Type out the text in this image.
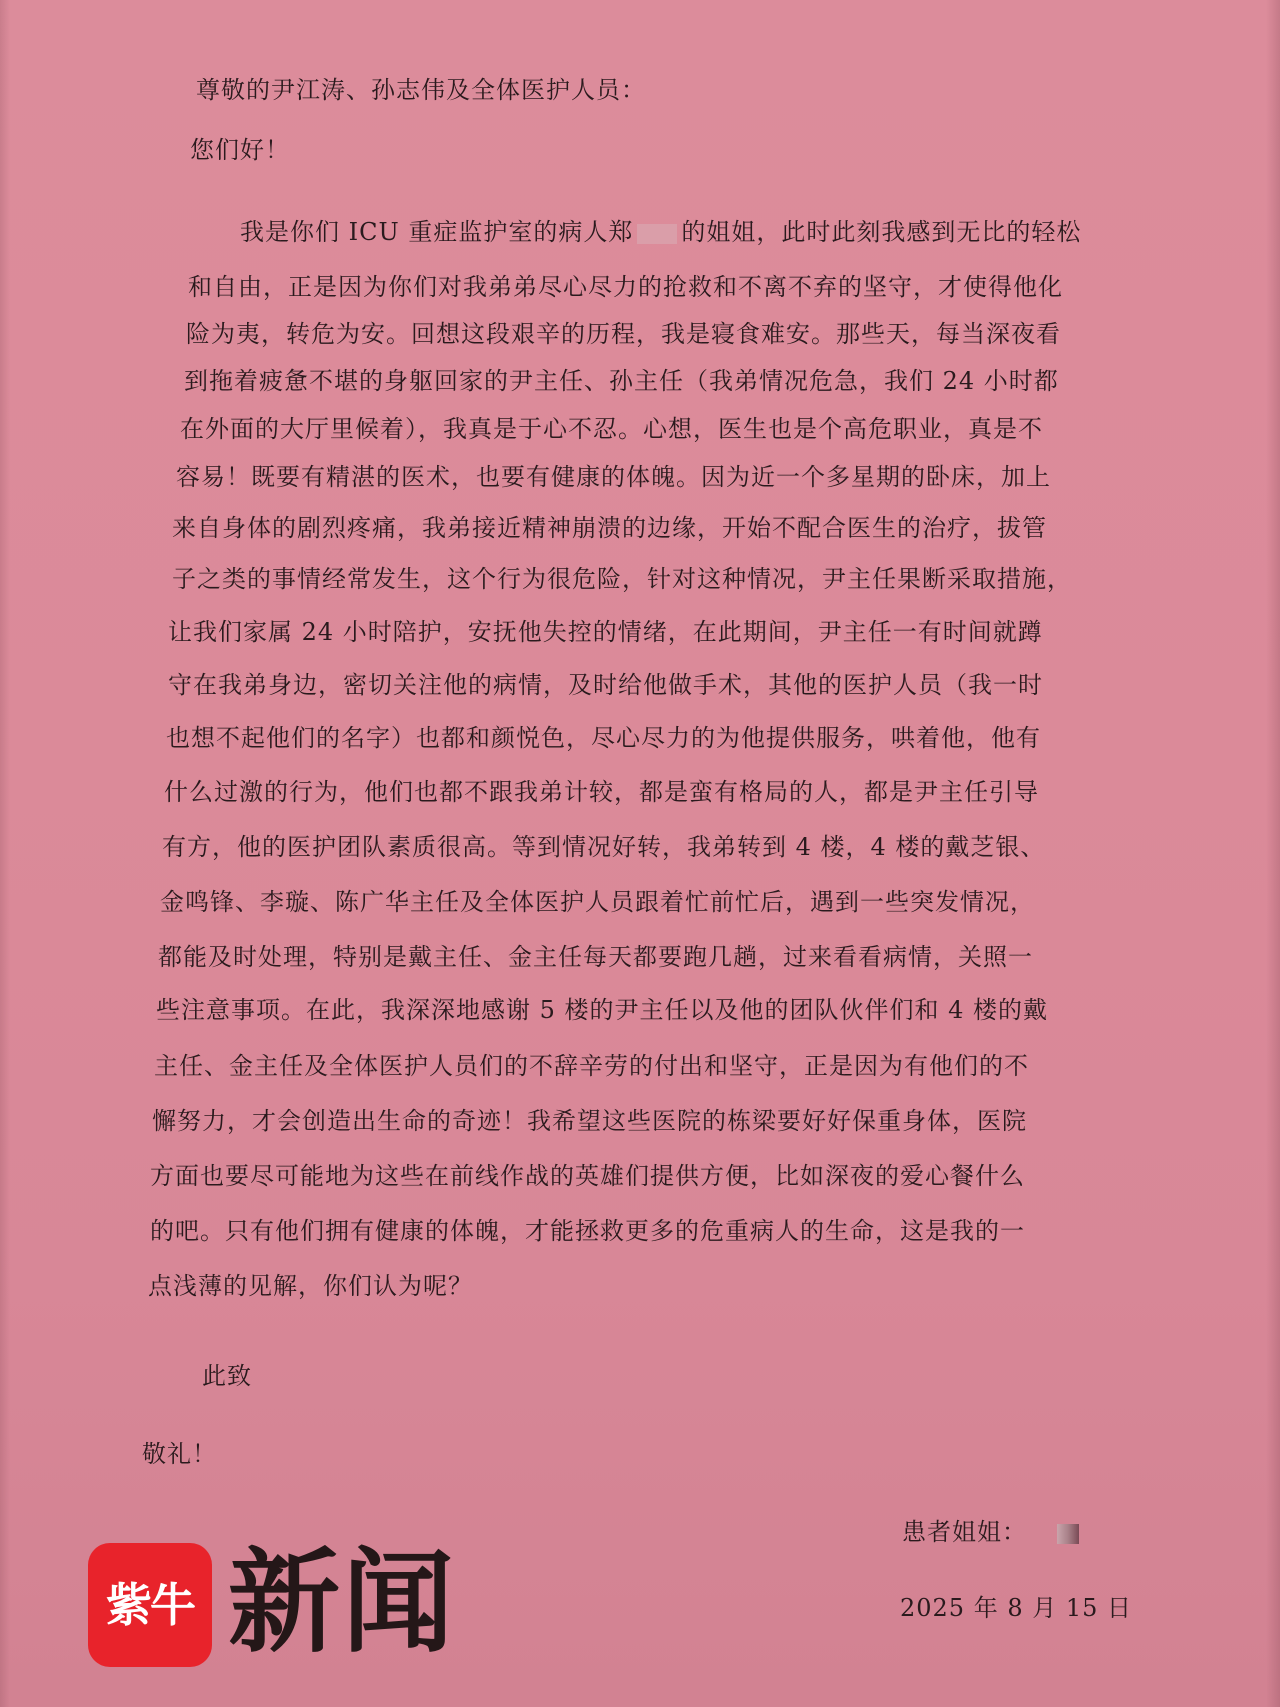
尊敬的尹江涛、孙志伟及全体医护人员：
您们好！
我是你们 ICU 重症监护室的病人郑 的姐姐，此时此刻我感到无比的轻松
和自由，正是因为你们对我弟弟尽心尽力的抢救和不离不弃的坚守，才使得他化
险为夷，转危为安。回想这段艰辛的历程，我是寝食难安。那些天，每当深夜看
到拖着疲惫不堪的身躯回家的尹主任、孙主任（我弟情况危急，我们 24 小时都
在外面的大厅里候着），我真是于心不忍。心想，医生也是个高危职业，真是不
容易！既要有精湛的医术，也要有健康的体魄。因为近一个多星期的卧床，加上
来自身体的剧烈疼痛，我弟接近精神崩溃的边缘，开始不配合医生的治疗，拔管
子之类的事情经常发生，这个行为很危险，针对这种情况，尹主任果断采取措施，
让我们家属 24 小时陪护，安抚他失控的情绪，在此期间，尹主任一有时间就蹲
守在我弟身边，密切关注他的病情，及时给他做手术，其他的医护人员（我一时
也想不起他们的名字）也都和颜悦色，尽心尽力的为他提供服务，哄着他，他有
什么过激的行为，他们也都不跟我弟计较，都是蛮有格局的人，都是尹主任引导
有方，他的医护团队素质很高。等到情况好转，我弟转到 4 楼，4 楼的戴芝银、
金鸣锋、李璇、陈广华主任及全体医护人员跟着忙前忙后，遇到一些突发情况，
都能及时处理，特别是戴主任、金主任每天都要跑几趟，过来看看病情，关照一
些注意事项。在此，我深深地感谢 5 楼的尹主任以及他的团队伙伴们和 4 楼的戴
主任、金主任及全体医护人员们的不辞辛劳的付出和坚守，正是因为有他们的不
懈努力，才会创造出生命的奇迹！我希望这些医院的栋梁要好好保重身体，医院
方面也要尽可能地为这些在前线作战的英雄们提供方便，比如深夜的爱心餐什么
的吧。只有他们拥有健康的体魄，才能拯救更多的危重病人的生命，这是我的一
点浅薄的见解，你们认为呢？
此致
敬礼！
患者姐姐：
2025 年 8 月 15 日
紫牛 新闻
